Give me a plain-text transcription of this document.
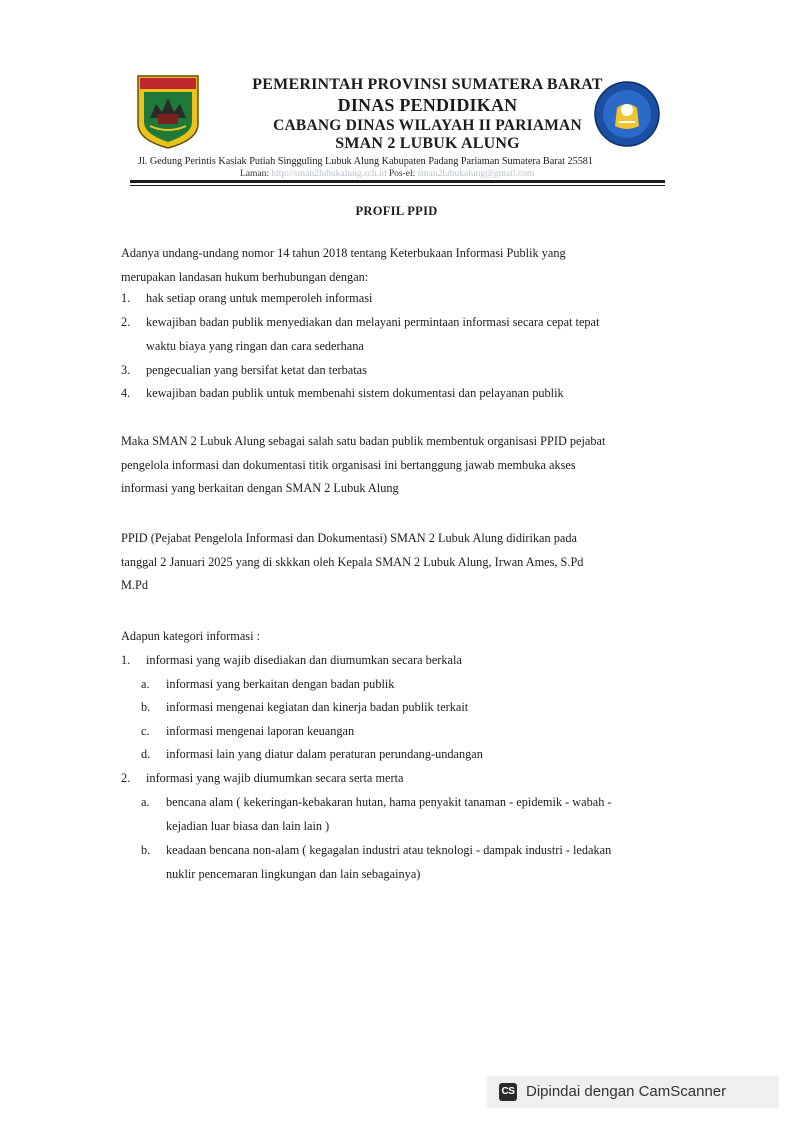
PEMERINTAH PROVINSI SUMATERA BARAT
DINAS PENDIDIKAN
CABANG DINAS WILAYAH II PARIAMAN
SMAN 2 LUBUK ALUNG
Jl. Gedung Perintis Kasiak Putiah Singguling Lubuk Alung Kabupaten Padang Pariaman Sumatera Barat 25581
Laman: http://sman2lubukalung.sch.id Pos-el: sman2lubukalung@gmail.com
PROFIL PPID
Adanya undang-undang nomor 14 tahun 2018 tentang Keterbukaan Informasi Publik yang
merupakan landasan hukum berhubungan dengan:
1. hak setiap orang untuk memperoleh informasi
2. kewajiban badan publik menyediakan dan melayani permintaan informasi secara cepat tepat
waktu biaya yang ringan dan cara sederhana
3. pengecualian yang bersifat ketat dan terbatas
4. kewajiban badan publik untuk membenahi sistem dokumentasi dan pelayanan publik
Maka SMAN 2 Lubuk Alung sebagai salah satu badan publik membentuk organisasi PPID pejabat
pengelola informasi dan dokumentasi titik organisasi ini bertanggung jawab membuka akses
informasi yang berkaitan dengan SMAN 2 Lubuk Alung
PPID (Pejabat Pengelola Informasi dan Dokumentasi) SMAN 2 Lubuk Alung didirikan pada
tanggal 2 Januari 2025 yang di skkkan oleh Kepala SMAN 2 Lubuk Alung, Irwan Ames, S.Pd
M.Pd
Adapun kategori informasi :
1. informasi yang wajib disediakan dan diumumkan secara berkala
a. informasi yang berkaitan dengan badan publik
b. informasi mengenai kegiatan dan kinerja badan publik terkait
c. informasi mengenai laporan keuangan
d. informasi lain yang diatur dalam peraturan perundang-undangan
2. informasi yang wajib diumumkan secara serta merta
a. bencana alam ( kekeringan-kebakaran hutan, hama penyakit tanaman - epidemik - wabah -
kejadian luar biasa dan lain lain )
b. keadaan bencana non-alam ( kegagalan industri atau teknologi - dampak industri - ledakan
nuklir pencemaran lingkungan dan lain sebagainya)
CS Dipindai dengan CamScanner
